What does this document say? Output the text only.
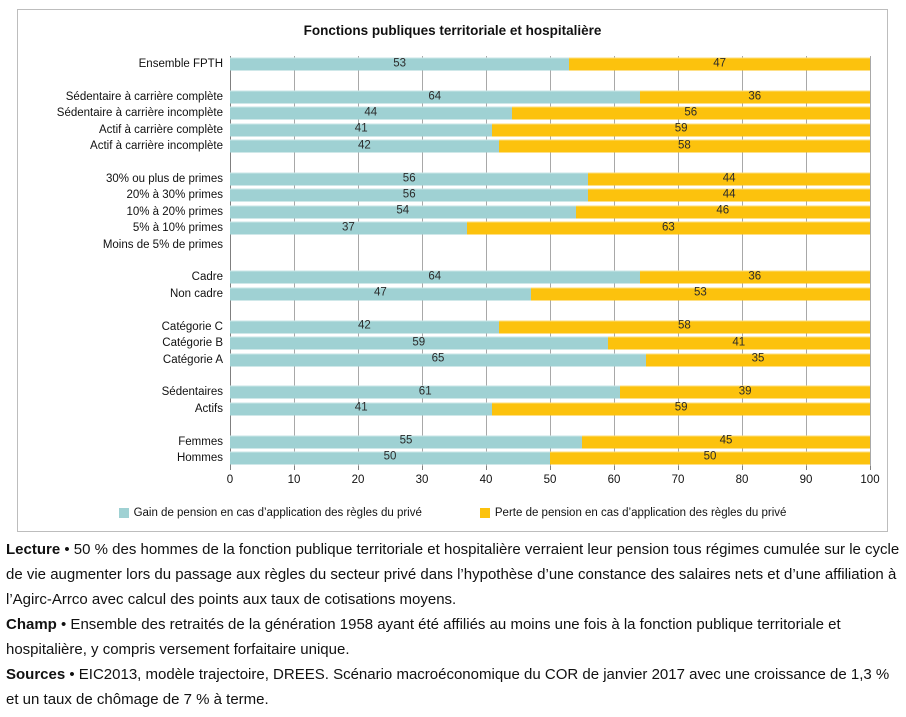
Fonctions publiques territoriale et hospitalière
Ensemble FPTH	53	47
Sédentaire à carrière complète	64	36
Sédentaire à carrière incomplète	44	56
Actif à carrière complète	41	59
Actif à carrière incomplète	42	58
30% ou plus de primes	56	44
20% à 30% primes	56	44
10% à 20% primes	54	46
5% à 10% primes	37	63
Moins de 5% de primes
Cadre	64	36
Non cadre	47	53
Catégorie C	42	58
Catégorie B	59	41
Catégorie A	65	35
Sédentaires	61	39
Actifs	41	59
Femmes	55	45
Hommes	50	50
0	10	20	30	40	50	60	70	80	90	100
Gain de pension en cas d’application des règles du privé	Perte de pension en cas d’application des règles du privé

Lecture • 50 % des hommes de la fonction publique territoriale et hospitalière verraient leur pension tous régimes cumulée sur le cycle de vie augmenter lors du passage aux règles du secteur privé dans l’hypothèse d’une constance des salaires nets et d’une affiliation à l’Agirc-Arrco avec calcul des points aux taux de cotisations moyens.

Champ • Ensemble des retraités de la génération 1958 ayant été affiliés au moins une fois à la fonction publique territoriale et hospitalière, y compris versement forfaitaire unique.

Sources • EIC2013, modèle trajectoire, DREES. Scénario macroéconomique du COR de janvier 2017 avec une croissance de 1,3 % et un taux de chômage de 7 % à terme.
